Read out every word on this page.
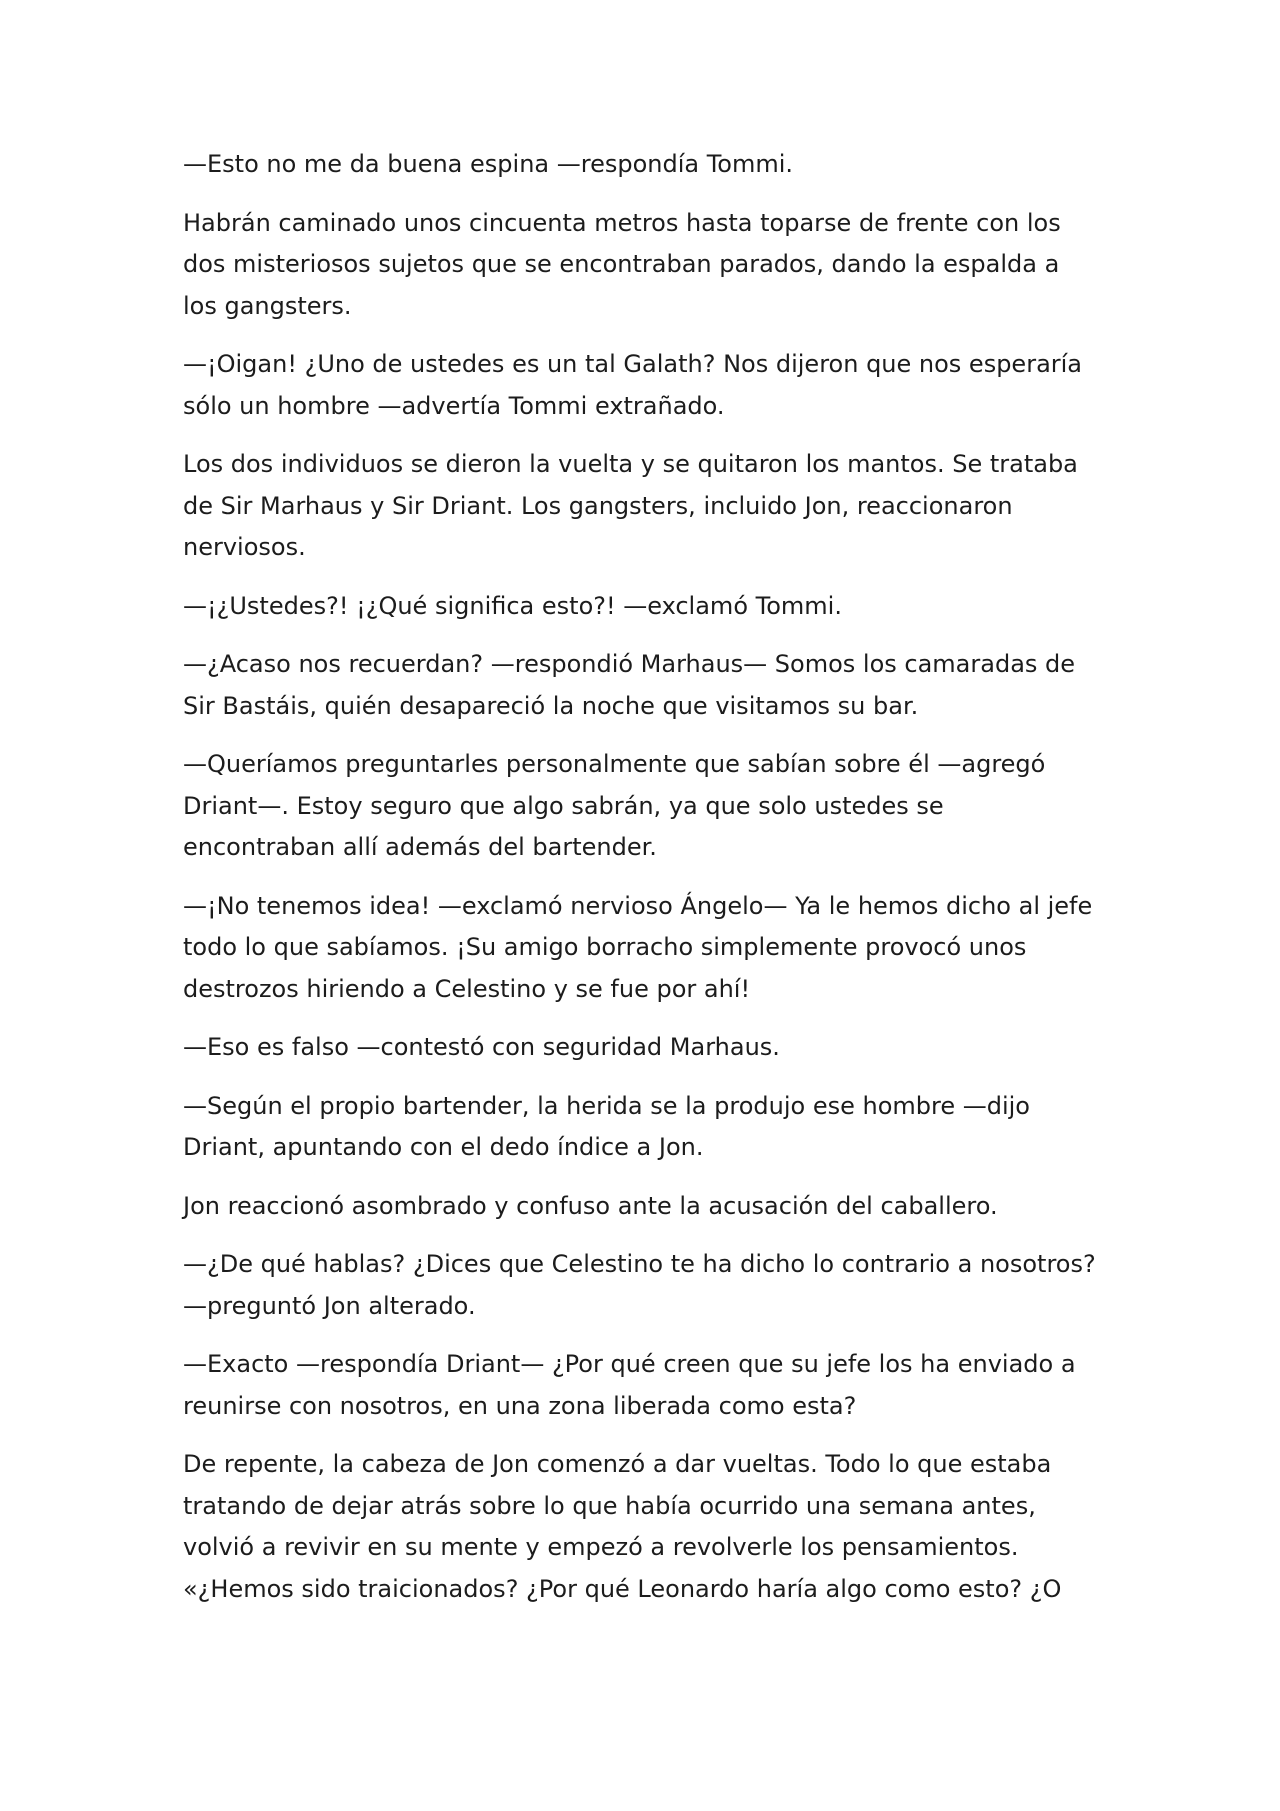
—Esto no me da buena espina —respondía Tommi.

Habrán caminado unos cincuenta metros hasta toparse de frente con los dos misteriosos sujetos que se encontraban parados, dando la espalda a los gangsters.

—¡Oigan! ¿Uno de ustedes es un tal Galath? Nos dijeron que nos esperaría sólo un hombre —advertía Tommi extrañado.

Los dos individuos se dieron la vuelta y se quitaron los mantos. Se trataba de Sir Marhaus y Sir Driant. Los gangsters, incluido Jon, reaccionaron nerviosos.

—¡¿Ustedes?! ¡¿Qué significa esto?! —exclamó Tommi.

—¿Acaso nos recuerdan? —respondió Marhaus— Somos los camaradas de Sir Bastáis, quién desapareció la noche que visitamos su bar.

—Queríamos preguntarles personalmente que sabían sobre él —agregó Driant—. Estoy seguro que algo sabrán, ya que solo ustedes se encontraban allí además del bartender.

—¡No tenemos idea! —exclamó nervioso Ángelo— Ya le hemos dicho al jefe todo lo que sabíamos. ¡Su amigo borracho simplemente provocó unos destrozos hiriendo a Celestino y se fue por ahí!

—Eso es falso —contestó con seguridad Marhaus.

—Según el propio bartender, la herida se la produjo ese hombre —dijo Driant, apuntando con el dedo índice a Jon.

Jon reaccionó asombrado y confuso ante la acusación del caballero.

—¿De qué hablas? ¿Dices que Celestino te ha dicho lo contrario a nosotros? —preguntó Jon alterado.

—Exacto —respondía Driant— ¿Por qué creen que su jefe los ha enviado a reunirse con nosotros, en una zona liberada como esta?

De repente, la cabeza de Jon comenzó a dar vueltas. Todo lo que estaba tratando de dejar atrás sobre lo que había ocurrido una semana antes, volvió a revivir en su mente y empezó a revolverle los pensamientos. «¿Hemos sido traicionados? ¿Por qué Leonardo haría algo como esto? ¿O
